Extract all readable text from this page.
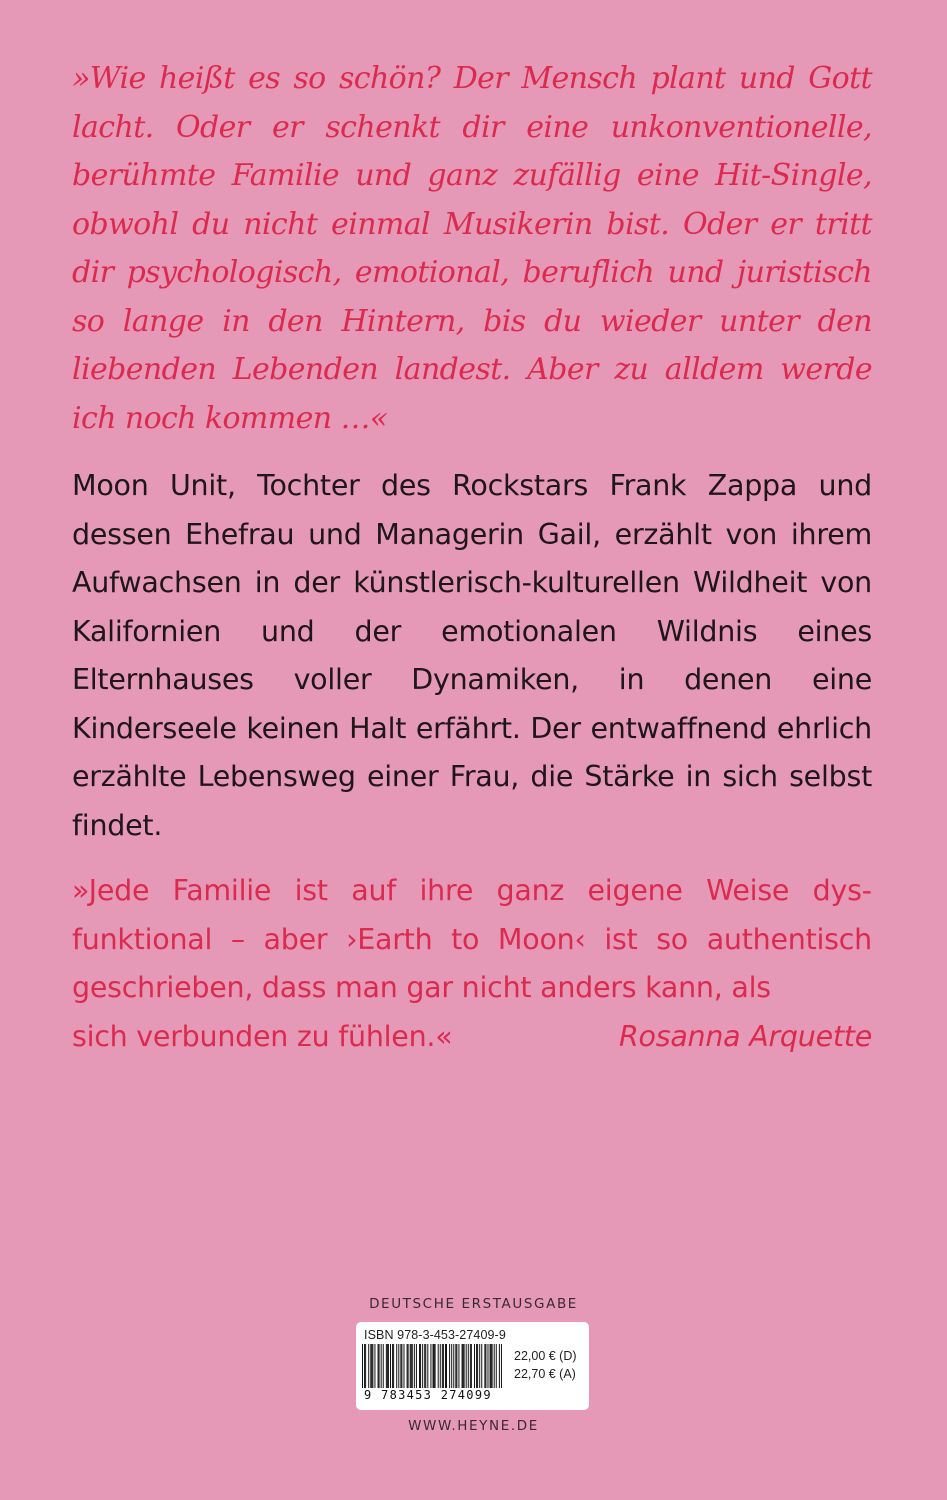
»Wie heißt es so schön? Der Mensch plant und Gott lacht. Oder er schenkt dir eine unkonventionelle, berühmte Familie und ganz zufällig eine Hit-Single, obwohl du nicht einmal Musikerin bist. Oder er tritt dir psychologisch, emotional, beruflich und juristisch so lange in den Hintern, bis du wieder unter den liebenden Lebenden landest. Aber zu alldem werde ich noch kommen …«

Moon Unit, Tochter des Rockstars Frank Zappa und dessen Ehefrau und Managerin Gail, erzählt von ihrem Aufwachsen in der künstlerisch-kulturellen Wildheit von Kalifornien und der emotionalen Wildnis eines Elternhauses voller Dynamiken, in denen eine Kinderseele keinen Halt erfährt. Der entwaffnend ehrlich erzählte Lebensweg einer Frau, die Stärke in sich selbst findet.

»Jede Familie ist auf ihre ganz eigene Weise dysfunktional – aber ›Earth to Moon‹ ist so authentisch geschrieben, dass man gar nicht anders kann, als
sich verbunden zu fühlen.«	Rosanna Arquette
DEUTSCHE ERSTAUSGABE
ISBN 978-3-453-27409-9
9 783453 274099
22,00 € (D)
22,70 € (A)
WWW.HEYNE.DE
